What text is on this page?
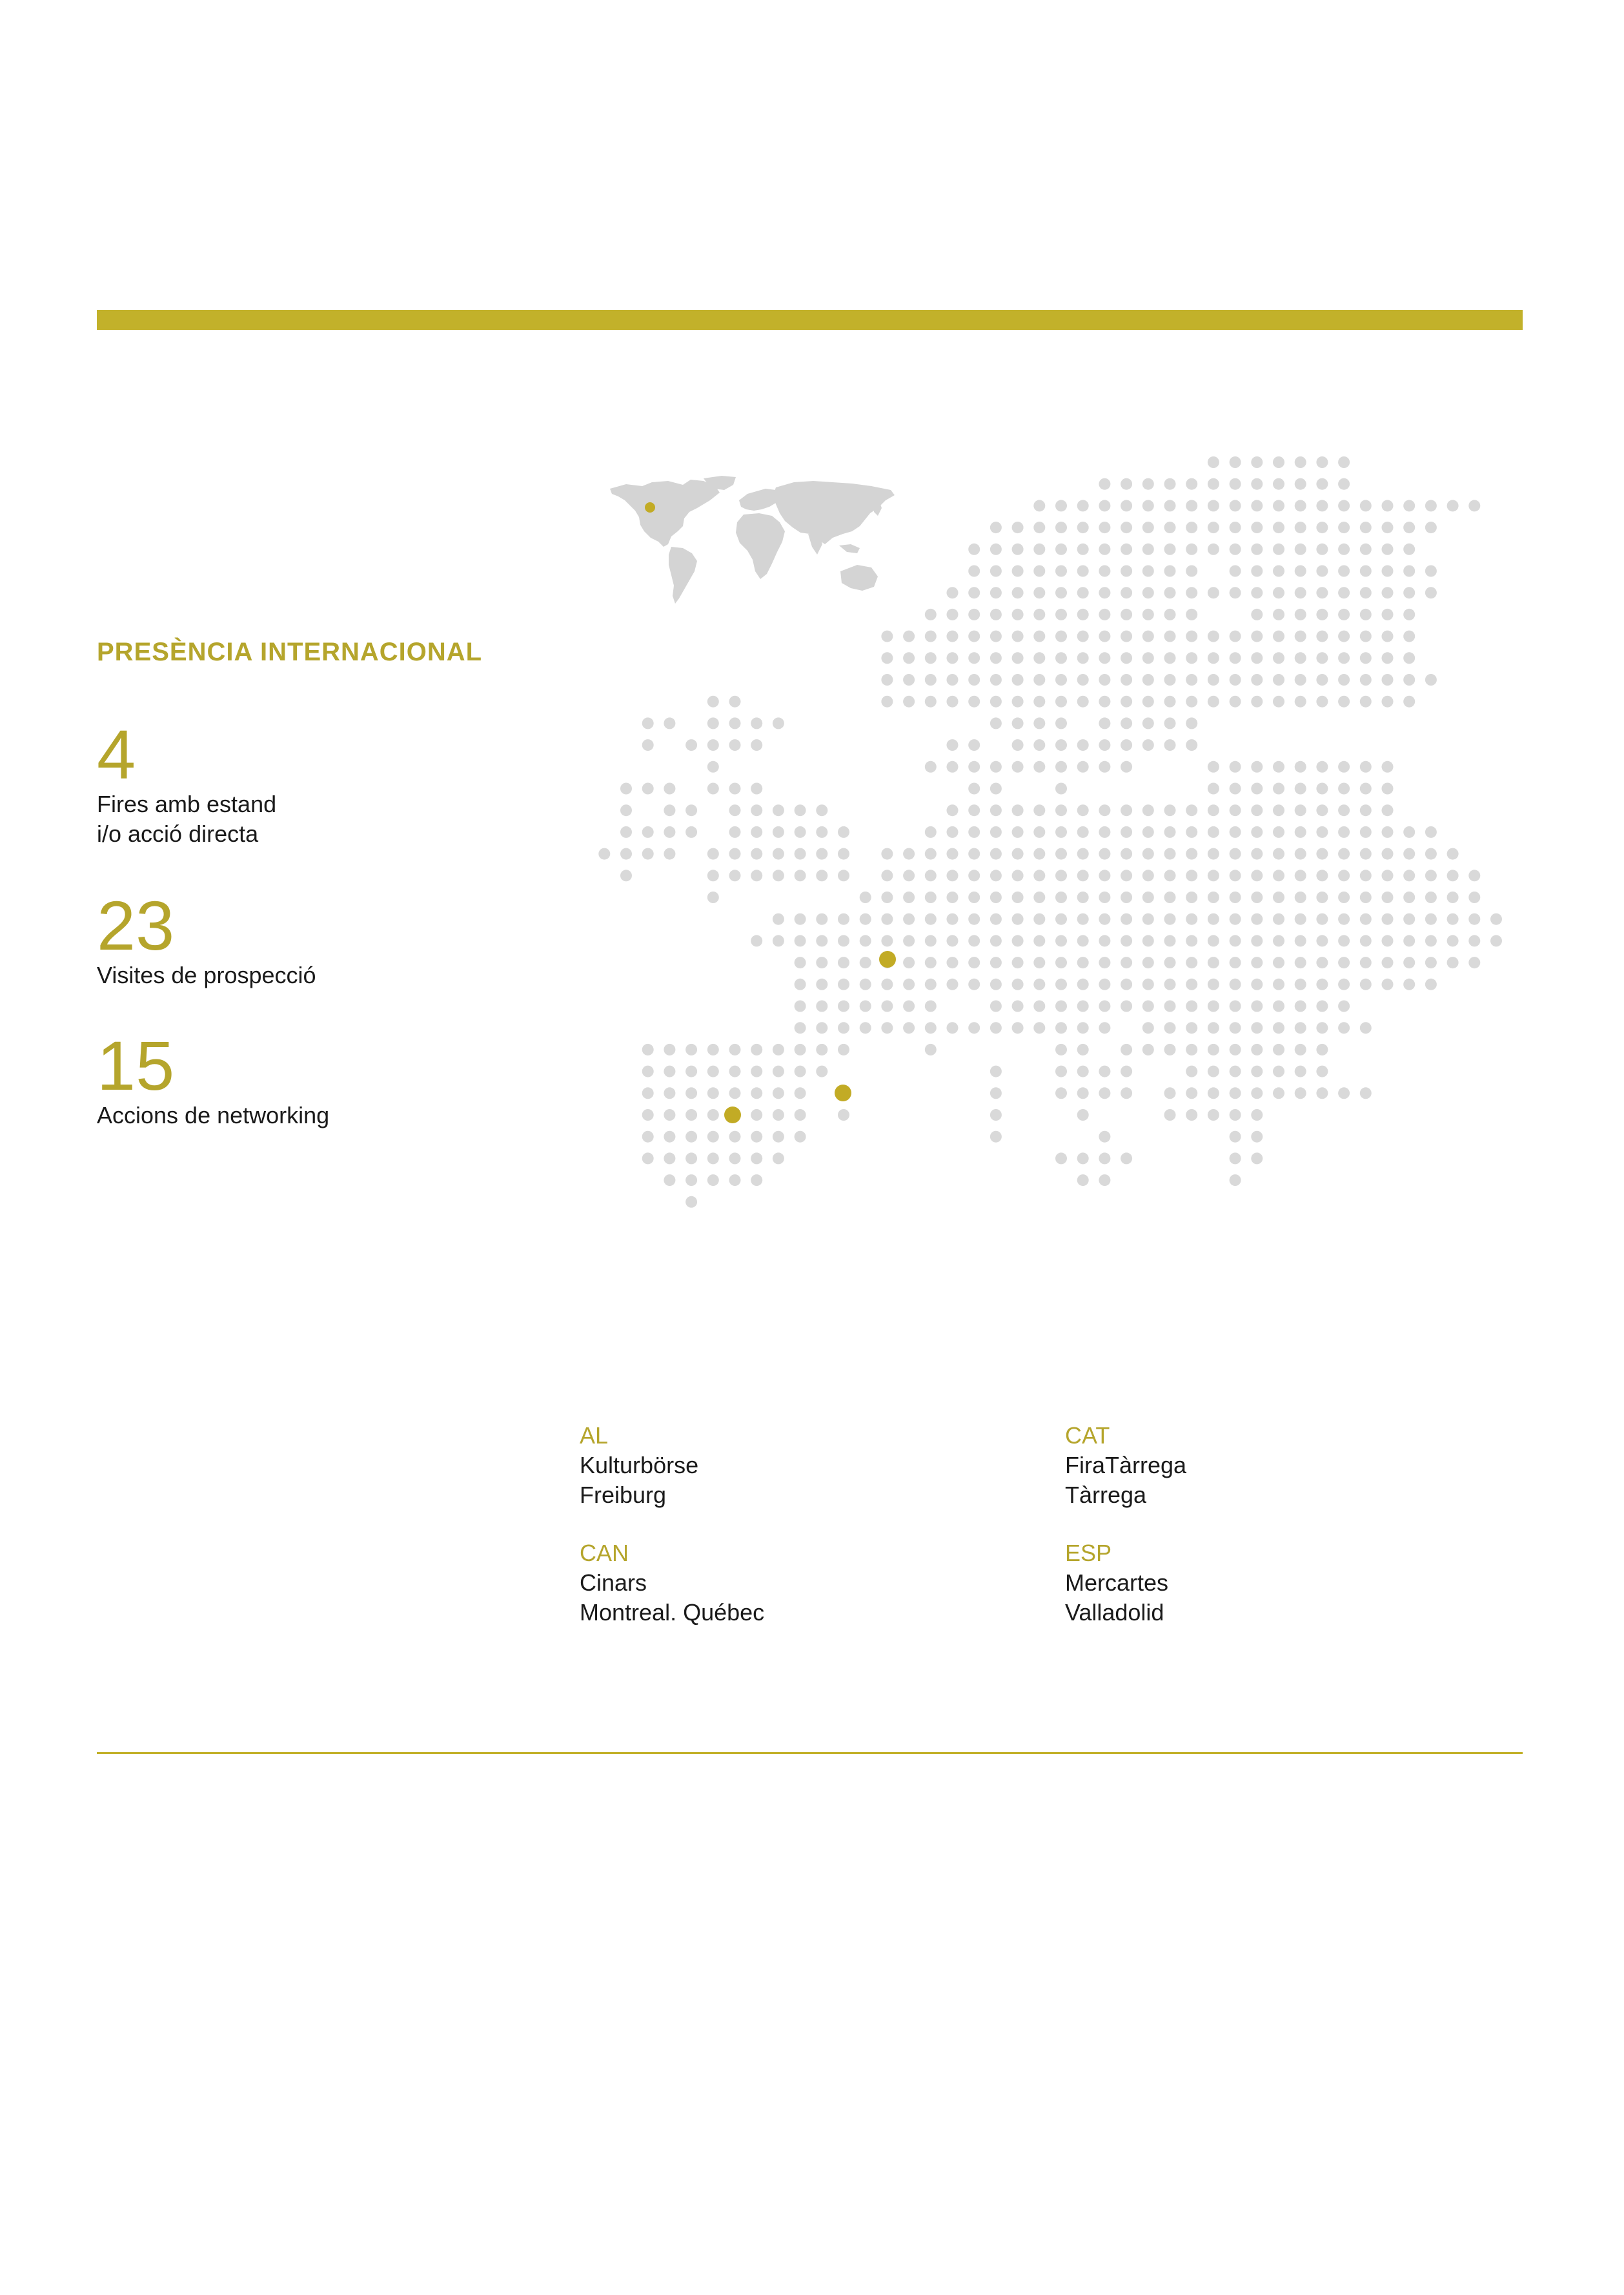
PRESÈNCIA INTERNACIONAL
4
Fires amb estand
i/o acció directa
23
Visites de prospecció
15
Accions de networking
AL
Kulturbörse
Freiburg
CAN
Cinars
Montreal. Québec
CAT
FiraTàrrega
Tàrrega
ESP
Mercartes
Valladolid
